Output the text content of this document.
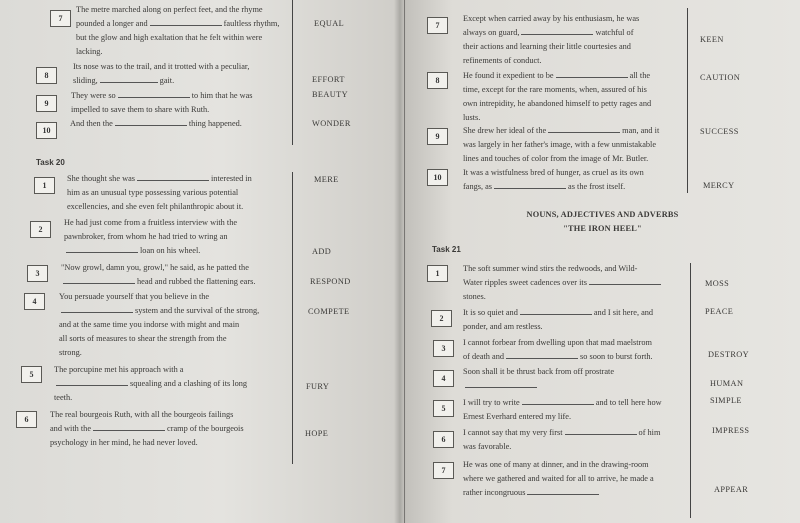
7
The metre marched along on perfect feet, and the rhyme
pounded a longer and	faultless rhythm,
but the glow and high exaltation that he felt within were
lacking.
EQUAL
8
Its nose was to the trail, and it trotted with a peculiar,
sliding,	gait.	EFFORT
9
They were so	to him that he was
impelled to save them to share with Ruth.
BEAUTY
10
And then the	thing happened.	WONDER
Task 20
1
She thought she was	interested in
him as an unusual type possessing various potential
excellencies, and she even felt philanthropic about it.
MERE
2
He had just come from a fruitless interview with the
pawnbroker, from whom he had tried to wring an
loan on his wheel.	ADD
3
"Now growl, damn you, growl," he said, as he patted the
head and rubbed the flattening ears.	RESPOND
4
You persuade yourself that you believe in the
system and the survival of the strong,
and at the same time you indorse with might and main
all sorts of measures to shear the strength from the
strong.
COMPETE
5
The porcupine met his approach with a
squealing and a clashing of its long
teeth.
FURY
6
The real bourgeois Ruth, with all the bourgeois failings
and with the	cramp of the bourgeois
psychology in her mind, he had never loved.
HOPE
7
Except when carried away by his enthusiasm, he was
always on guard,	watchful of
their actions and learning their little courtesies and
refinements of conduct.
KEEN
8
He found it expedient to be	all the
time, except for the rare moments, when, assured of his
own intrepidity, he abandoned himself to petty rages and
lusts.
CAUTION
9
She drew her ideal of the	man, and it
was largely in her father's image, with a few unmistakable
lines and touches of color from the image of Mr. Butler.
SUCCESS
10
It was a wistfulness bred of hunger, as cruel as its own
fangs, as	as the frost itself.	MERCY
NOUNS, ADJECTIVES AND ADVERBS
"THE IRON HEEL"
Task 21
1
The soft summer wind stirs the redwoods, and Wild-
Water ripples sweet cadences over its
stones.
MOSS
2
It is so quiet and	and I sit here, and
ponder, and am restless.
PEACE
3
I cannot forbear from dwelling upon that mad maelstrom
of death and	so soon to burst forth.	DESTROY
4
Soon shall it be thrust back from off prostrate
HUMAN
5
I will try to write	and to tell here how
Ernest Everhard entered my life.
SIMPLE
6
I cannot say that my very first	of him
was favorable.
IMPRESS
7
He was one of many at dinner, and in the drawing-room
where we gathered and waited for all to arrive, he made a
rather incongruous	APPEAR
